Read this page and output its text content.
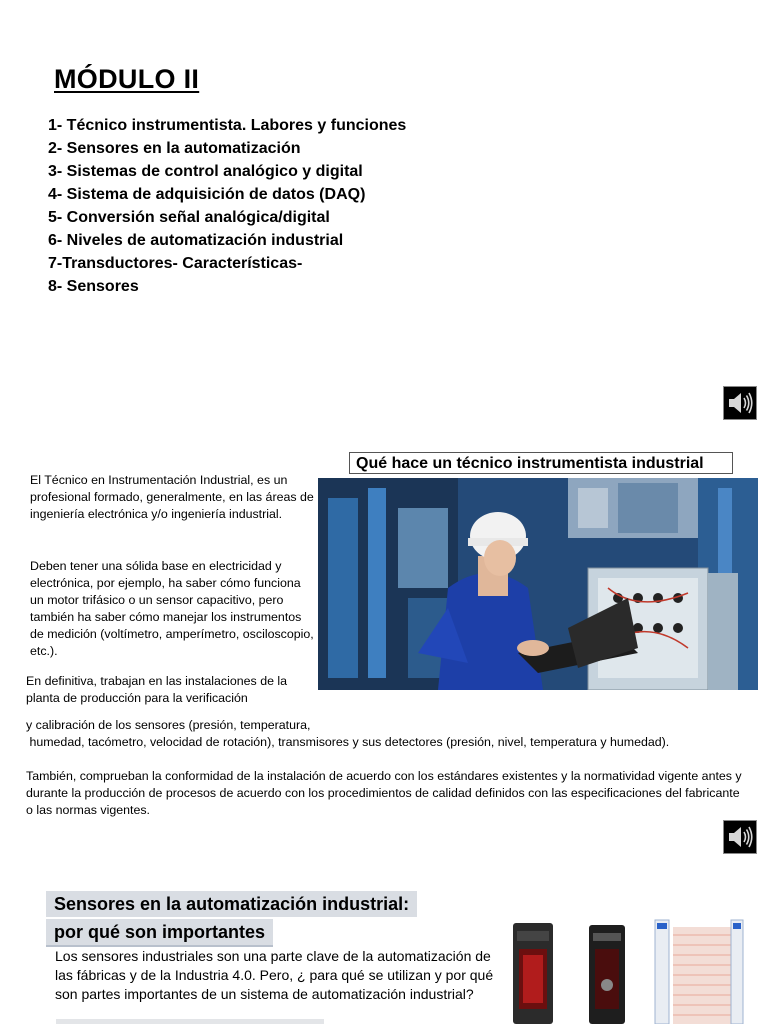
MÓDULO II
1- Técnico instrumentista. Labores y funciones
2- Sensores en la automatización
3- Sistemas de control analógico y digital
4- Sistema de adquisición de datos (DAQ)
5- Conversión señal analógica/digital
6- Niveles de automatización industrial
7-Transductores- Características-
8- Sensores
Qué hace un técnico instrumentista industrial
El Técnico en Instrumentación Industrial, es un profesional formado, generalmente, en las áreas de ingeniería electrónica y/o ingeniería industrial.
Deben tener una sólida base en electricidad y electrónica, por ejemplo, ha saber cómo funciona un motor trifásico o un sensor capacitivo, pero también ha saber cómo manejar los instrumentos de medición (voltímetro, amperímetro, osciloscopio, etc.).
En definitiva, trabajan en las instalaciones de la planta de producción para la verificación
y calibración de los sensores (presión, temperatura,
humedad, tacómetro, velocidad de rotación), transmisores y sus detectores (presión, nivel, temperatura y humedad).
También, comprueban la conformidad de la instalación de acuerdo con los estándares existentes y la normatividad vigente antes y durante la producción de procesos de acuerdo con los procedimientos de calidad definidos con las especificaciones del fabricante o las normas vigentes.
Sensores en la automatización industrial:
por qué son importantes
Los sensores industriales son una parte clave de la automatización de las fábricas y de la Industria 4.0. Pero, ¿ para qué se utilizan y por qué son partes importantes de un sistema de automatización industrial?
